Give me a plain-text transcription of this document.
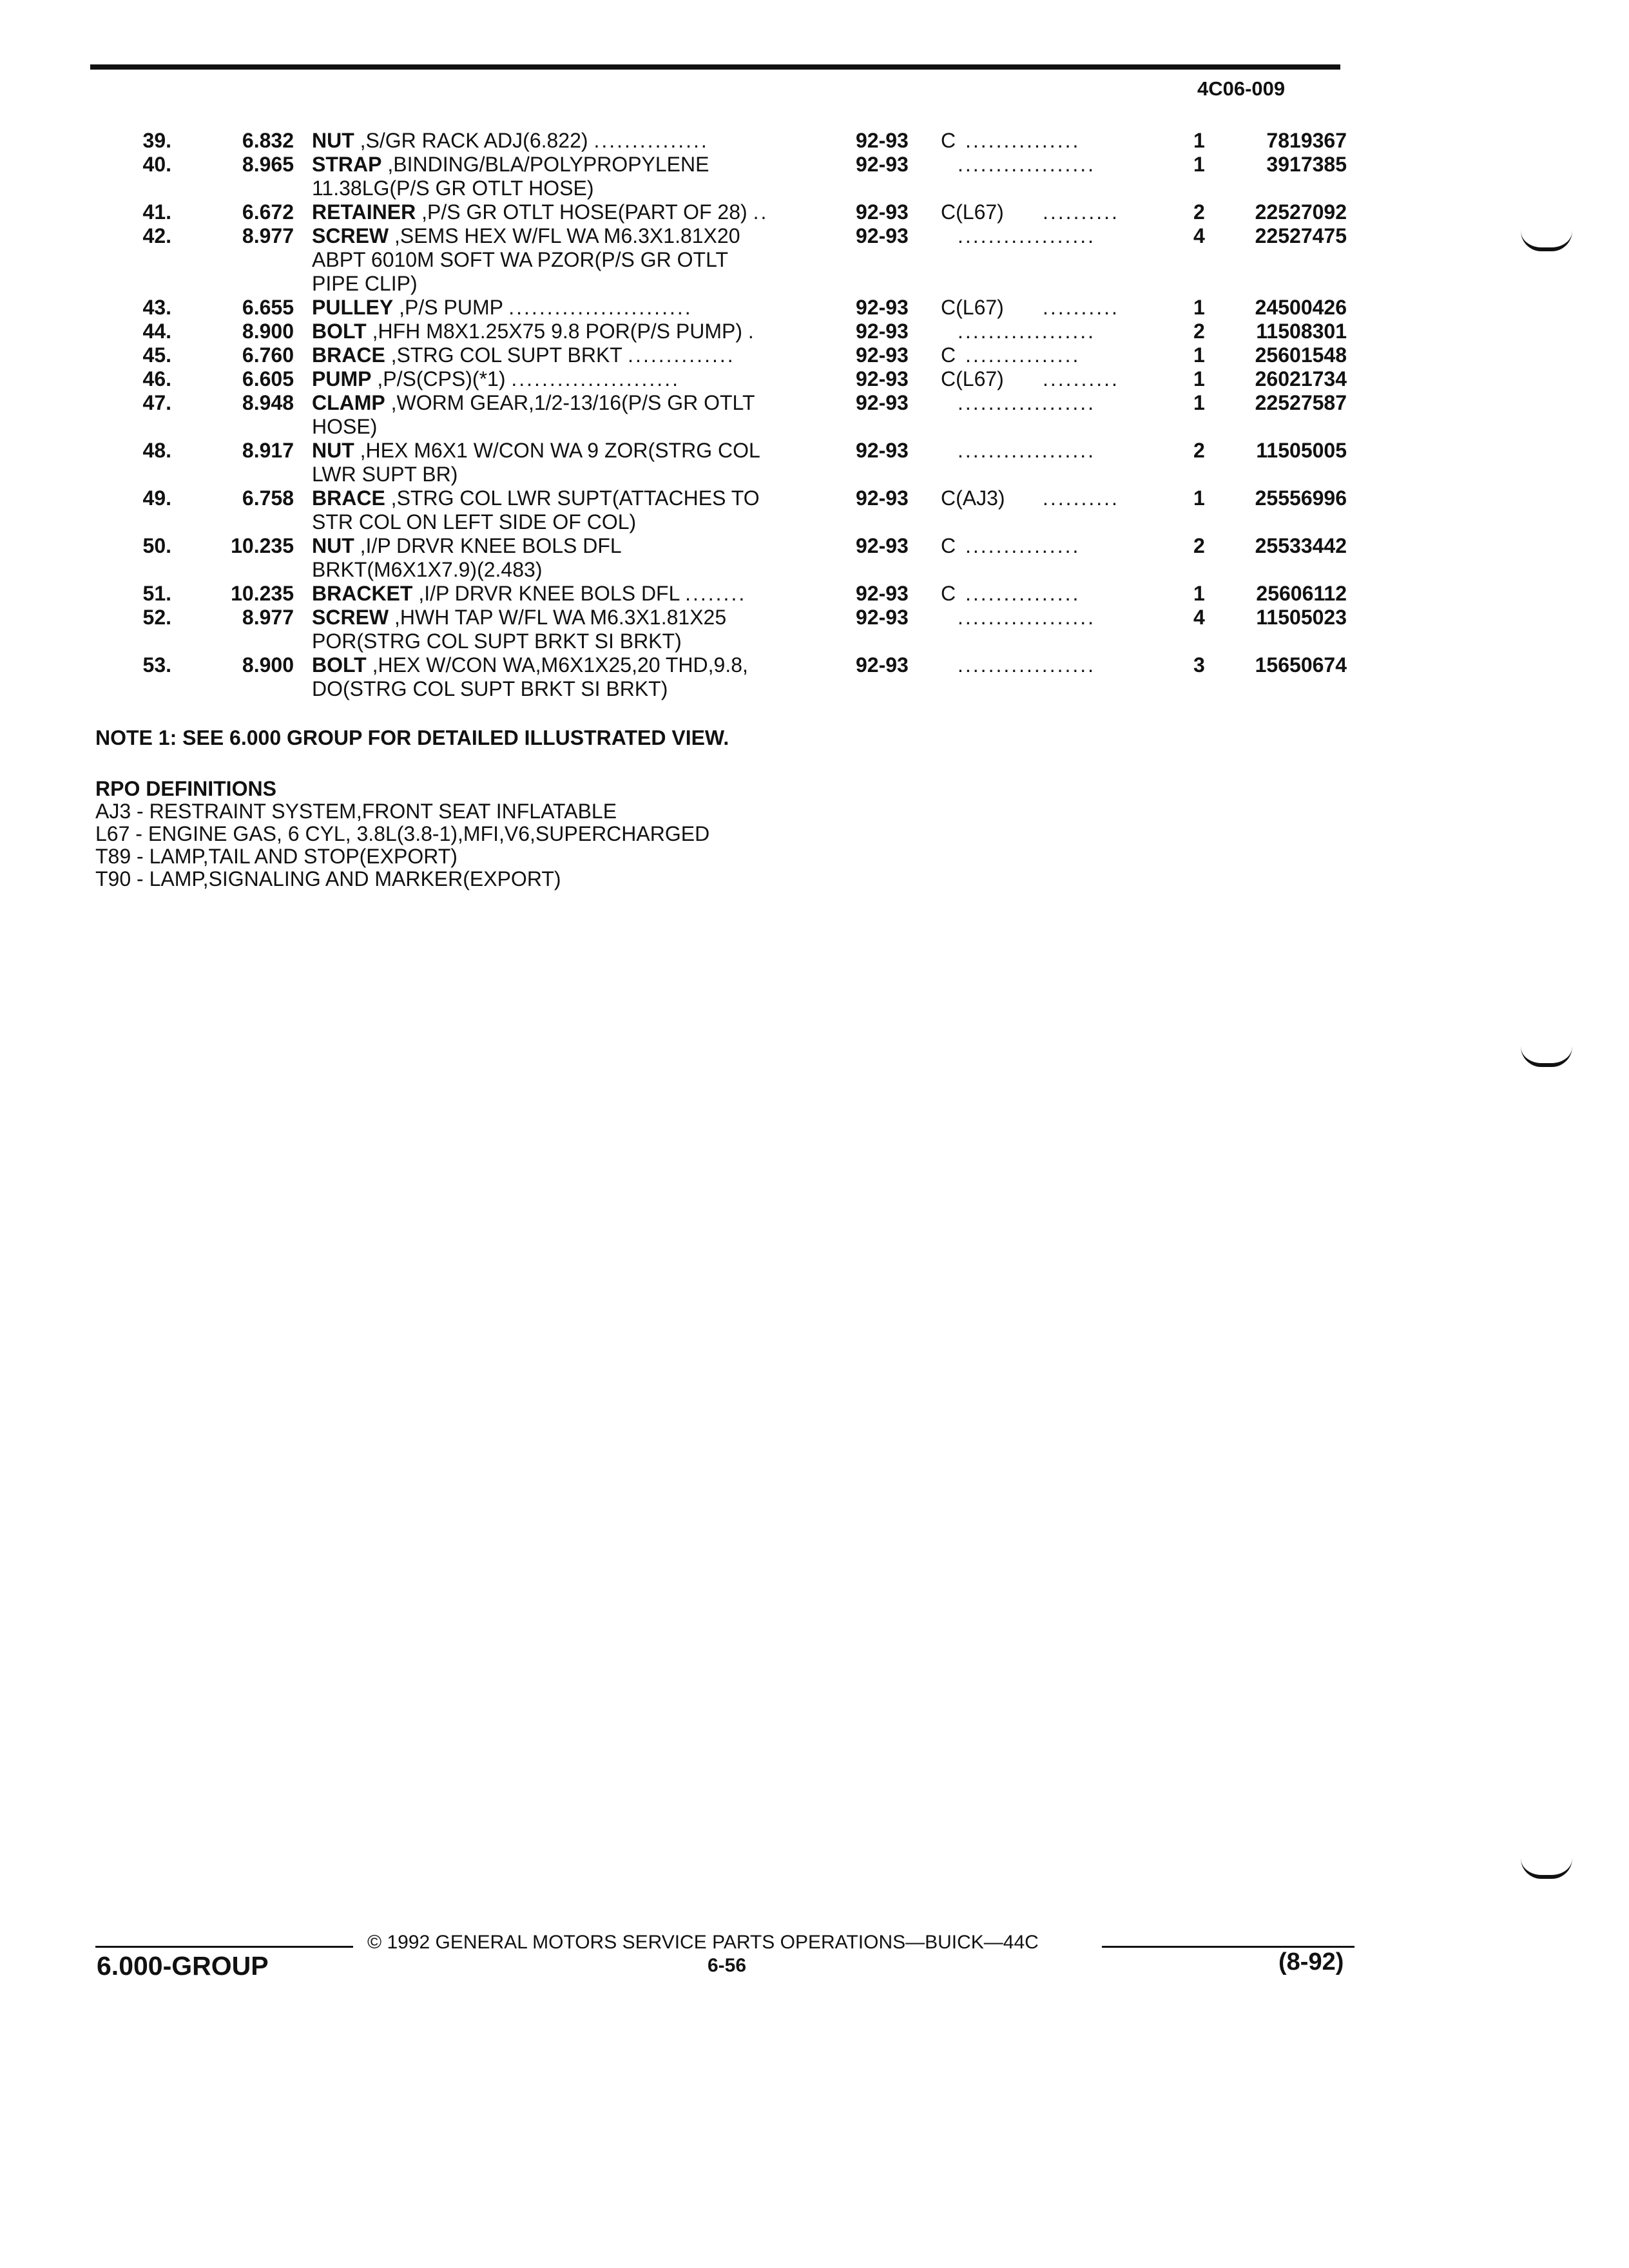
4C06-009
39.	6.832 NUT ,S/GR RACK ADJ(6.822) ...............	92-93 C ...............	1	7819367
40.	8.965 STRAP ,BINDING/BLA/POLYPROPYLENE	92-93 ..................	1	3917385
11.38LG(P/S GR OTLT HOSE)
41.	6.672 RETAINER ,P/S GR OTLT HOSE(PART OF 28) ..	92-93 C(L67) ..........	2 22527092
42.	8.977 SCREW ,SEMS HEX W/FL WA M6.3X1.81X20	92-93 ..................	4 22527475
ABPT 6010M SOFT WA PZOR(P/S GR OTLT
PIPE CLIP)
43.	6.655 PULLEY ,P/S PUMP ........................	92-93 C(L67) ..........	1 24500426
44.	8.900 BOLT ,HFH M8X1.25X75 9.8 POR(P/S PUMP) .	92-93 ..................	2 11508301
45.	6.760 BRACE ,STRG COL SUPT BRKT ..............	92-93 C ...............	1 25601548
46.	6.605 PUMP ,P/S(CPS)(*1) ......................	92-93 C(L67) ..........	1 26021734
47.	8.948 CLAMP ,WORM GEAR,1/2-13/16(P/S GR OTLT	92-93 ..................	1 22527587
HOSE)
48.	8.917 NUT ,HEX M6X1 W/CON WA 9 ZOR(STRG COL	92-93 ..................	2 11505005
LWR SUPT BR)
49.	6.758 BRACE ,STRG COL LWR SUPT(ATTACHES TO	92-93 C(AJ3) ..........	1 25556996
STR COL ON LEFT SIDE OF COL)
50.	10.235 NUT ,I/P DRVR KNEE BOLS DFL	92-93 C ...............	2 25533442
BRKT(M6X1X7.9)(2.483)
51.	10.235 BRACKET ,I/P DRVR KNEE BOLS DFL ........	92-93 C ...............	1 25606112
52.	8.977 SCREW ,HWH TAP W/FL WA M6.3X1.81X25	92-93 ..................	4 11505023
POR(STRG COL SUPT BRKT SI BRKT)
53.	8.900 BOLT ,HEX W/CON WA,M6X1X25,20 THD,9.8,	92-93 ..................	3 15650674
DO(STRG COL SUPT BRKT SI BRKT)
NOTE 1: SEE 6.000 GROUP FOR DETAILED ILLUSTRATED VIEW.
RPO DEFINITIONS
AJ3 - RESTRAINT SYSTEM,FRONT SEAT INFLATABLE
L67 - ENGINE GAS, 6 CYL, 3.8L(3.8-1),MFI,V6,SUPERCHARGED
T89 - LAMP,TAIL AND STOP(EXPORT)
T90 - LAMP,SIGNALING AND MARKER(EXPORT)
© 1992 GENERAL MOTORS SERVICE PARTS OPERATIONS—BUICK—44C
6.000-GROUP	6-56	(8-92)
